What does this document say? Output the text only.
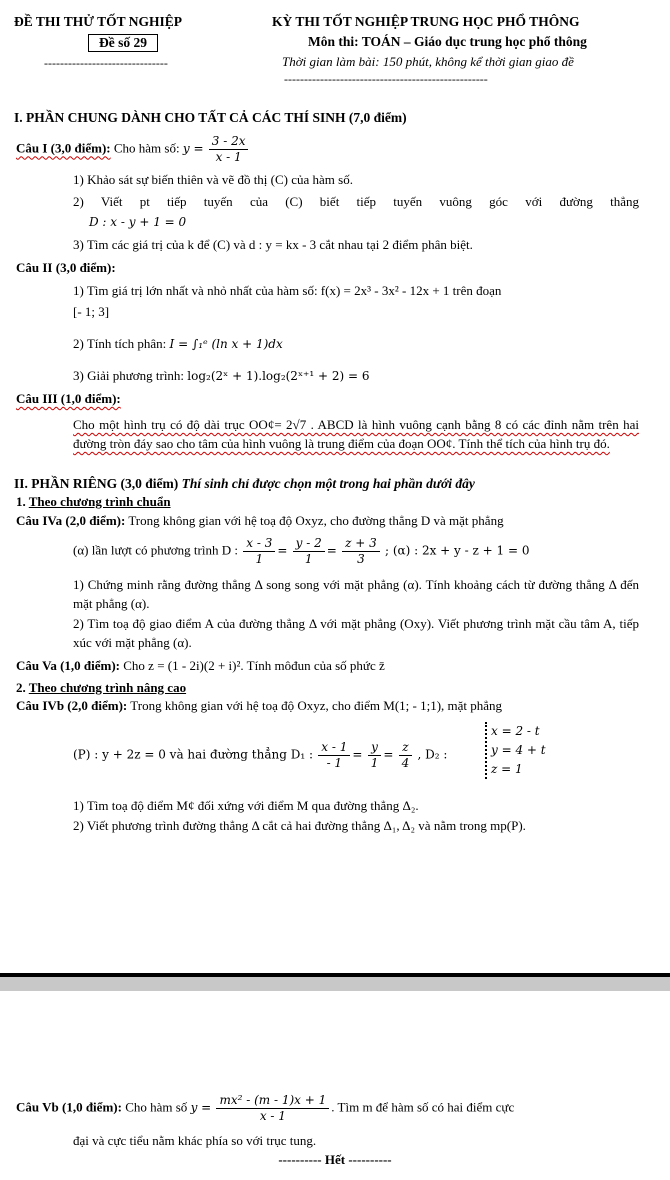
ĐỀ THI THỬ TỐT NGHIỆP
Đề số 29
-------------------------------
KỲ THI TỐT NGHIỆP TRUNG HỌC PHỔ THÔNG
Môn thi: TOÁN – Giáo dục trung học phổ thông
Thời gian làm bài: 150 phút, không kể thời gian giao đề
---------------------------------------------------
I. PHẦN CHUNG DÀNH CHO TẤT CẢ CÁC THÍ SINH (7,0 điểm)
Câu I (3,0 điểm): Cho hàm số: $y = \frac{3 - 2x}{x - 1}$
1) Khảo sát sự biến thiên và vẽ đồ thị (C) của hàm số.
2) Viết pt tiếp tuyến của (C) biết tiếp tuyến vuông góc với đường thẳng
D : x - y + 1 = 0
3) Tìm các giá trị của k để (C) và d : y = kx - 3 cắt nhau tại 2 điểm phân biệt.
Câu II (3,0 điểm):
1) Tìm giá trị lớn nhất và nhỏ nhất của hàm số: f(x) = 2x³ - 3x² - 12x + 1 trên đoạn
[- 1; 3]
2) Tính tích phân: I = ∫₁ᵉ (ln x + 1)dx
3) Giải phương trình: log₂(2ˣ + 1).log₂(2ˣ⁺¹ + 2) = 6
Câu III (1,0 điểm):
Cho một hình trụ có độ dài trục OO¢= 2√7 . ABCD là hình vuông cạnh bằng 8 có các đỉnh nằm trên hai đường tròn đáy sao cho tâm của hình vuông là trung điểm của đoạn OO¢. Tính thể tích của hình trụ đó.
II. PHẦN RIÊNG (3,0 điểm) Thí sinh chỉ được chọn một trong hai phần dưới đây
1. Theo chương trình chuẩn
Câu IVa (2,0 điểm): Trong không gian với hệ toạ độ Oxyz, cho đường thẳng D và mặt phẳng
(α) lần lượt có phương trình D : $\frac{x - 3}{1} = \frac{y - 2}{1} = \frac{z + 3}{3}$ ; (α) : 2x + y - z + 1 = 0
1) Chứng minh rằng đường thẳng Δ song song với mặt phẳng (α). Tính khoảng cách từ đường thẳng Δ đến mặt phẳng (α).
2) Tìm toạ độ giao điểm A của đường thẳng Δ với mặt phẳng (Oxy). Viết phương trình mặt cầu tâm A, tiếp xúc với mặt phẳng (α).
Câu Va (1,0 điểm): Cho z = (1 - 2i)(2 + i)². Tính môđun của số phức z̄
2. Theo chương trình nâng cao
Câu IVb (2,0 điểm): Trong không gian với hệ toạ độ Oxyz, cho điểm M(1; - 1;1), mặt phẳng
(P) : y + 2z = 0 và hai đường thẳng D₁ : $\frac{x - 1}{- 1} = \frac{y}{1} = \frac{z}{4}$ , D₂ :
x = 2 - t
y = 4 + t
z = 1
1) Tìm toạ độ điểm M¢ đối xứng với điểm M qua đường thẳng Δ₂.
2) Viết phương trình đường thẳng Δ cắt cả hai đường thẳng Δ₁, Δ₂ và nằm trong mp(P).
Câu Vb (1,0 điểm): Cho hàm số $y = \frac{\text{mx² - (m - 1)x + 1}}{x - 1}$ . Tìm m để hàm số có hai điểm cực
đại và cực tiểu nằm khác phía so với trục tung.
---------- Hết ----------
